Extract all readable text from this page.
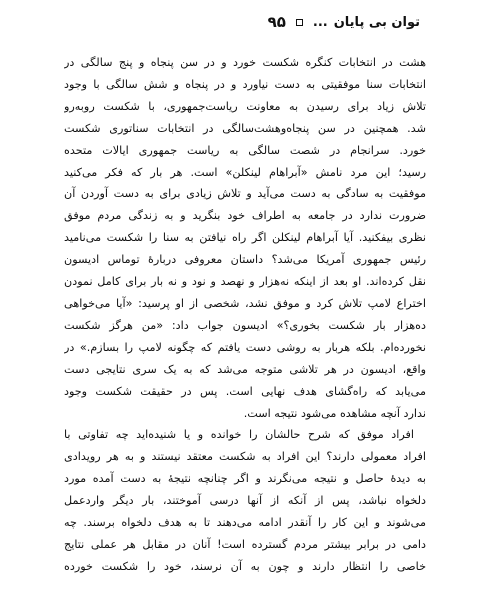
توان بی پایان
...
۹۵
هشت در انتخابات کنگره شکست خورد و در سن پنجاه و پنج سالگی در
انتخابات سنا موفقیتی به دست نیاورد و در پنجاه و شش سالگی با وجود
تلاش زیاد برای رسیدن به معاونت ریاست‌جمهوری، با شکست روبه‌رو
شد. همچنین در سن پنجاه‌وهشت‌سالگی در انتخابات سناتوری شکست
خورد. سرانجام در شصت سالگی به ریاست جمهوری ایالات متحده
رسید؛ این مرد نامش «آبراهام لینکلن» است. هر بار که فکر می‌کنید
موفقیت به سادگی به دست می‌آید و تلاش زیادی برای به دست آوردن آن
ضرورت ندارد در جامعه به اطراف خود بنگرید و به زندگی مردم موفق
نظری بیفکنید. آیا آبراهام لینکلن اگر راه نیافتن به سنا را شکست می‌نامید
رئیس جمهوری آمریکا می‌شد؟ داستان معروفی درباره‌ٔ توماس ادیسون
نقل کرده‌اند. او بعد از اینکه نه‌هزار و نهصد و نود و نه بار برای کامل نمودن
اختراع لامپ تلاش کرد و موفق نشد، شخصی از او پرسید: «آیا می‌خواهی
ده‌هزار بار شکست بخوری؟» ادیسون جواب داد: «من هرگز شکست
نخورده‌ام. بلکه هربار به روشی دست یافتم که چگونه لامپ را بسازم.» در
واقع، ادیسون در هر تلاشی متوجه می‌شد که به یک سری نتایجی دست
می‌یابد که راه‌گشای هدف نهایی است. پس در حقیقت شکست وجود
ندارد آنچه مشاهده می‌شود نتیجه است.
افراد موفق که شرح حالشان را خوانده و یا شنیده‌اید چه تفاوتی با
افراد معمولی دارند؟ این افراد به شکست معتقد نیستند و به هر رویدادی
به دیدهٔ حاصل و نتیجه می‌نگرند و اگر چنانچه نتیجهٔ به دست آمده مورد
دلخواه نباشد، پس از آنکه از آنها درسی آموختند، بار دیگر واردعمل
می‌شوند و این کار را آنقدر ادامه می‌دهند تا به هدف دلخواه برسند. چه
دامی در برابر بیشتر مردم گسترده است! آنان در مقابل هر عملی نتایج
خاصی را انتظار دارند و چون به آن نرسند، خود را شکست خورده
